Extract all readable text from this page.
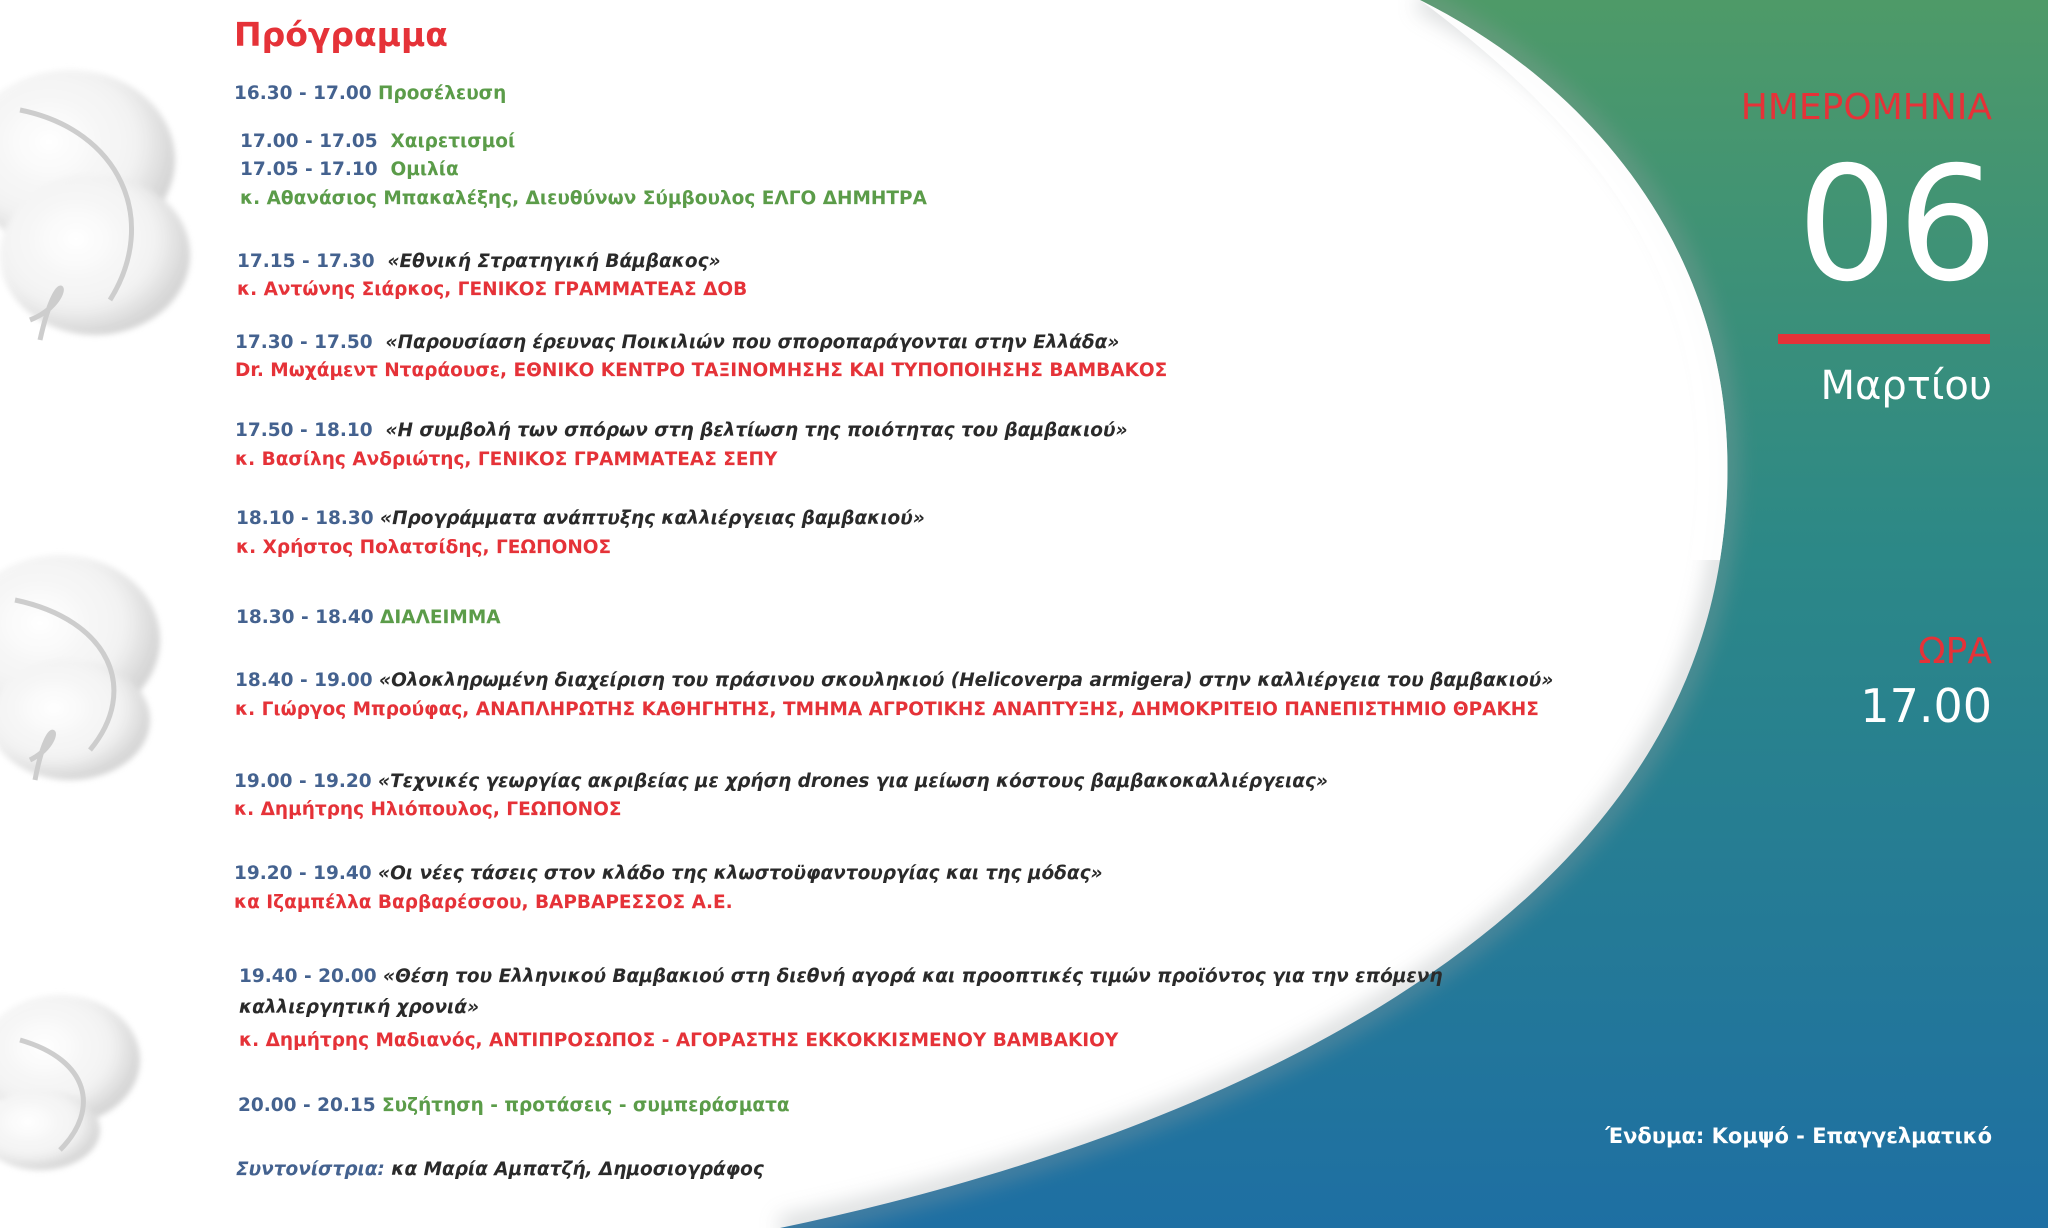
Πρόγραμμα
16.30 - 17.00 Προσέλευση
17.00 - 17.05 Χαιρετισμοί
17.05 - 17.10 Ομιλία
κ. Αθανάσιος Μπακαλέξης, Διευθύνων Σύμβουλος ΕΛΓΟ ΔΗΜΗΤΡΑ
17.15 - 17.30 «Εθνική Στρατηγική Βάμβακος»
κ. Αντώνης Σιάρκος, ΓΕΝΙΚΟΣ ΓΡΑΜΜΑΤΕΑΣ ΔΟΒ
17.30 - 17.50 «Παρουσίαση έρευνας Ποικιλιών που σποροπαράγονται στην Ελλάδα»
Dr. Μωχάμεντ Νταράουσε, ΕΘΝΙΚΟ ΚΕΝΤΡΟ ΤΑΞΙΝΟΜΗΣΗΣ ΚΑΙ ΤΥΠΟΠΟΙΗΣΗΣ ΒΑΜΒΑΚΟΣ
17.50 - 18.10 «Η συμβολή των σπόρων στη βελτίωση της ποιότητας του βαμβακιού»
κ. Βασίλης Ανδριώτης, ΓΕΝΙΚΟΣ ΓΡΑΜΜΑΤΕΑΣ ΣΕΠΥ
18.10 - 18.30 «Προγράμματα ανάπτυξης καλλιέργειας βαμβακιού»
κ. Χρήστος Πολατσίδης, ΓΕΩΠΟΝΟΣ
18.30 - 18.40 ΔΙΑΛΕΙΜΜΑ
18.40 - 19.00 «Ολοκληρωμένη διαχείριση του πράσινου σκουληκιού (Helicoverpa armigera) στην καλλιέργεια του βαμβακιού»
κ. Γιώργος Μπρούφας, ΑΝΑΠΛΗΡΩΤΗΣ ΚΑΘΗΓΗΤΗΣ, ΤΜΗΜΑ ΑΓΡΟΤΙΚΗΣ ΑΝΑΠΤΥΞΗΣ, ΔΗΜΟΚΡΙΤΕΙΟ ΠΑΝΕΠΙΣΤΗΜΙΟ ΘΡΑΚΗΣ
19.00 - 19.20 «Τεχνικές γεωργίας ακριβείας με χρήση drones για μείωση κόστους βαμβακοκαλλιέργειας»
κ. Δημήτρης Ηλιόπουλος, ΓΕΩΠΟΝΟΣ
19.20 - 19.40 «Οι νέες τάσεις στον κλάδο της κλωστοϋφαντουργίας και της μόδας»
κα Ιζαμπέλλα Βαρβαρέσσου, ΒΑΡΒΑΡΕΣΣΟΣ Α.Ε.
19.40 - 20.00 «Θέση του Ελληνικού Βαμβακιού στη διεθνή αγορά και προοπτικές τιμών προϊόντος για την επόμενη
καλλιεργητική χρονιά»
κ. Δημήτρης Μαδιανός, ΑΝΤΙΠΡΟΣΩΠΟΣ - ΑΓΟΡΑΣΤΗΣ ΕΚΚΟΚΚΙΣΜΕΝΟΥ ΒΑΜΒΑΚΙΟΥ
20.00 - 20.15 Συζήτηση - προτάσεις - συμπεράσματα
Συντονίστρια: κα Μαρία Αμπατζή, Δημοσιογράφος
ΗΜΕΡΟΜΗΝΙΑ
06
Μαρτίου
ΩΡΑ
17.00
Ένδυμα: Κομψό - Επαγγελματικό
